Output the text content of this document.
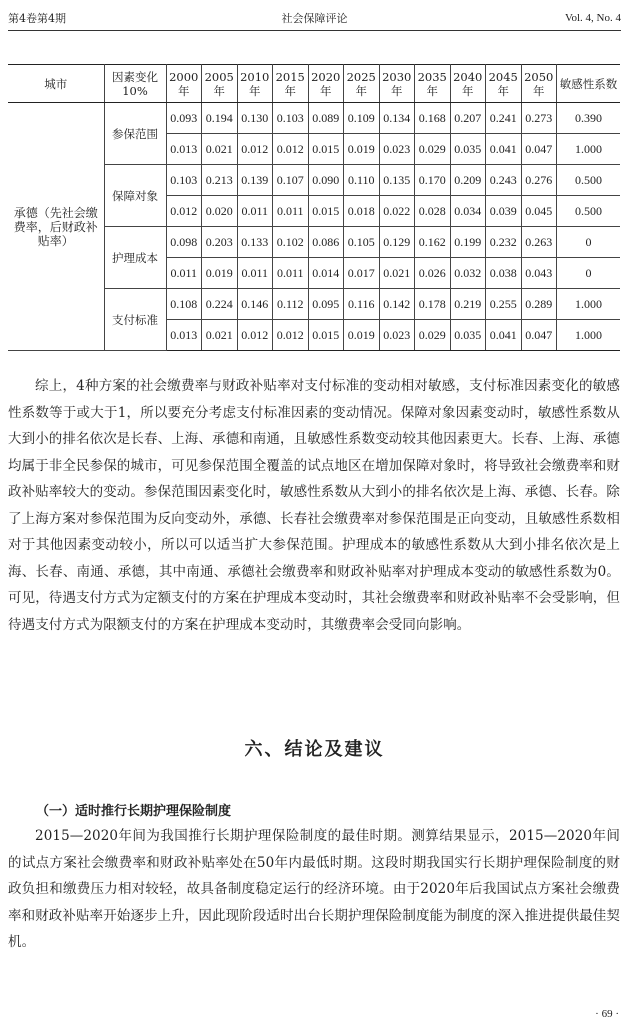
第4卷第4期	社会保障评论	Vol. 4, No. 4
城市	因素变化10%	2000年	2005年	2010年	2015年	2020年	2025年	2030年	2035年	2040年	2045年	2050年	敏感性系数
承德（先社会缴费率，后财政补贴率）	参保范围	0.093	0.194	0.130	0.103	0.089	0.109	0.134	0.168	0.207	0.241	0.273	0.390
		0.013	0.021	0.012	0.012	0.015	0.019	0.023	0.029	0.035	0.041	0.047	1.000
	保障对象	0.103	0.213	0.139	0.107	0.090	0.110	0.135	0.170	0.209	0.243	0.276	0.500
		0.012	0.020	0.011	0.011	0.015	0.018	0.022	0.028	0.034	0.039	0.045	0.500
	护理成本	0.098	0.203	0.133	0.102	0.086	0.105	0.129	0.162	0.199	0.232	0.263	0
		0.011	0.019	0.011	0.011	0.014	0.017	0.021	0.026	0.032	0.038	0.043	0
	支付标准	0.108	0.224	0.146	0.112	0.095	0.116	0.142	0.178	0.219	0.255	0.289	1.000
		0.013	0.021	0.012	0.012	0.015	0.019	0.023	0.029	0.035	0.041	0.047	1.000

综上，4种方案的社会缴费率与财政补贴率对支付标准的变动相对敏感，支付标准因素变化的敏感性系数等于或大于1，所以要充分考虑支付标准因素的变动情况。保障对象因素变动时，敏感性系数从大到小的排名依次是长春、上海、承德和南通，且敏感性系数变动较其他因素更大。长春、上海、承德均属于非全民参保的城市，可见参保范围全覆盖的试点地区在增加保障对象时，将导致社会缴费率和财政补贴率较大的变动。参保范围因素变化时，敏感性系数从大到小的排名依次是上海、承德、长春。除了上海方案对参保范围为反向变动外，承德、长春社会缴费率对参保范围是正向变动，且敏感性系数相对于其他因素变动较小，所以可以适当扩大参保范围。护理成本的敏感性系数从大到小排名依次是上海、长春、南通、承德，其中南通、承德社会缴费率和财政补贴率对护理成本变动的敏感性系数为0。可见，待遇支付方式为定额支付的方案在护理成本变动时，其社会缴费率和财政补贴率不会受影响，但待遇支付方式为限额支付的方案在护理成本变动时，其缴费率会受同向影响。

六、结论及建议
（一）适时推行长期护理保险制度

2015—2020年间为我国推行长期护理保险制度的最佳时期。测算结果显示，2015—2020年间的试点方案社会缴费率和财政补贴率处在50年内最低时期。这段时期我国实行长期护理保险制度的财政负担和缴费压力相对较轻，故具备制度稳定运行的经济环境。由于2020年后我国试点方案社会缴费率和财政补贴率开始逐步上升，因此现阶段适时出台长期护理保险制度能为制度的深入推进提供最佳契机。

· 69 ·
